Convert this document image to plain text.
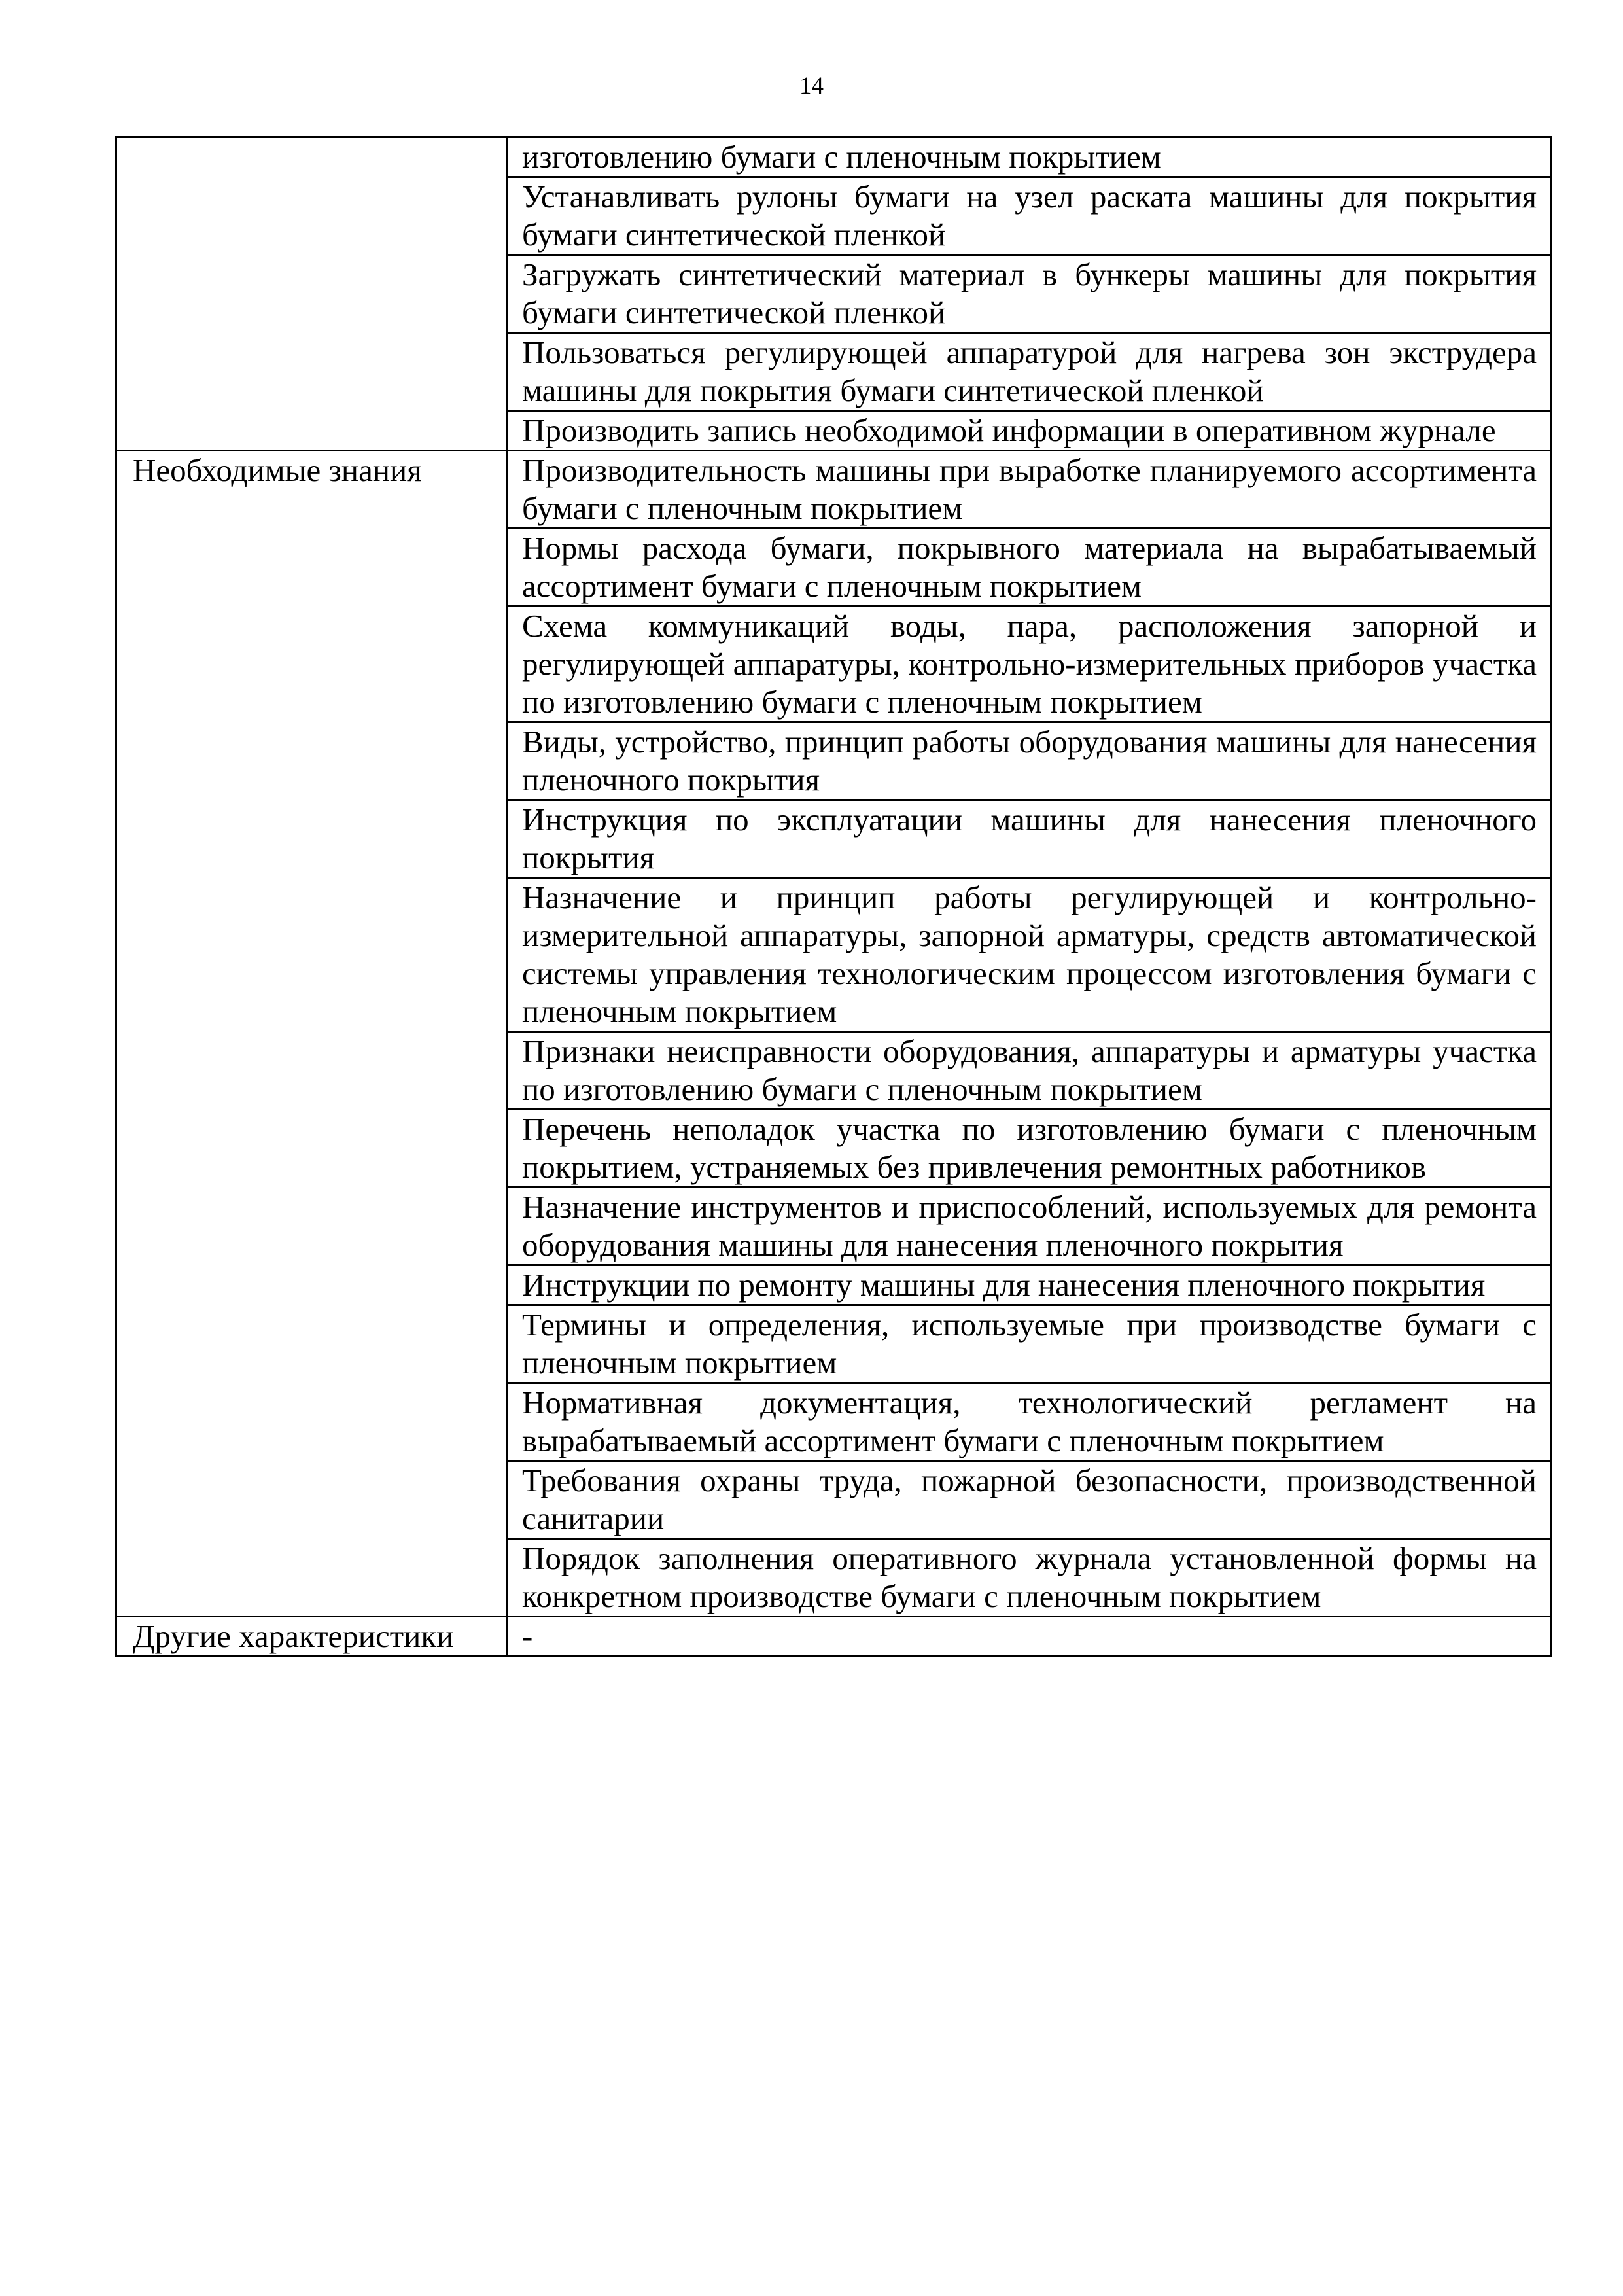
14
	изготовлению бумаги с пленочным покрытием
	Устанавливать рулоны бумаги на узел раската машины для покрытия бумаги синтетической пленкой
	Загружать синтетический материал в бункеры машины для покрытия бумаги синтетической пленкой
	Пользоваться регулирующей аппаратурой для нагрева зон экструдера машины для покрытия бумаги синтетической пленкой
	Производить запись необходимой информации в оперативном журнале
Необходимые знания	Производительность машины при выработке планируемого ассортимента бумаги с пленочным покрытием
	Нормы расхода бумаги, покрывного материала на вырабатываемый ассортимент бумаги с пленочным покрытием
	Схема коммуникаций воды, пара, расположения запорной и регулирующей аппаратуры, контрольно-измерительных приборов участка по изготовлению бумаги с пленочным покрытием
	Виды, устройство, принцип работы оборудования машины для нанесения пленочного покрытия
	Инструкция по эксплуатации машины для нанесения пленочного покрытия
	Назначение и принцип работы регулирующей и контрольно-измерительной аппаратуры, запорной арматуры, средств автоматической системы управления технологическим процессом изготовления бумаги с пленочным покрытием
	Признаки неисправности оборудования, аппаратуры и арматуры участка по изготовлению бумаги с пленочным покрытием
	Перечень неполадок участка по изготовлению бумаги с пленочным покрытием, устраняемых без привлечения ремонтных работников
	Назначение инструментов и приспособлений, используемых для ремонта оборудования машины для нанесения пленочного покрытия
	Инструкции по ремонту машины для нанесения пленочного покрытия
	Термины и определения, используемые при производстве бумаги с пленочным покрытием
	Нормативная документация, технологический регламент на вырабатываемый ассортимент бумаги с пленочным покрытием
	Требования охраны труда, пожарной безопасности, производственной санитарии
	Порядок заполнения оперативного журнала установленной формы на конкретном производстве бумаги с пленочным покрытием
Другие характеристики	-
